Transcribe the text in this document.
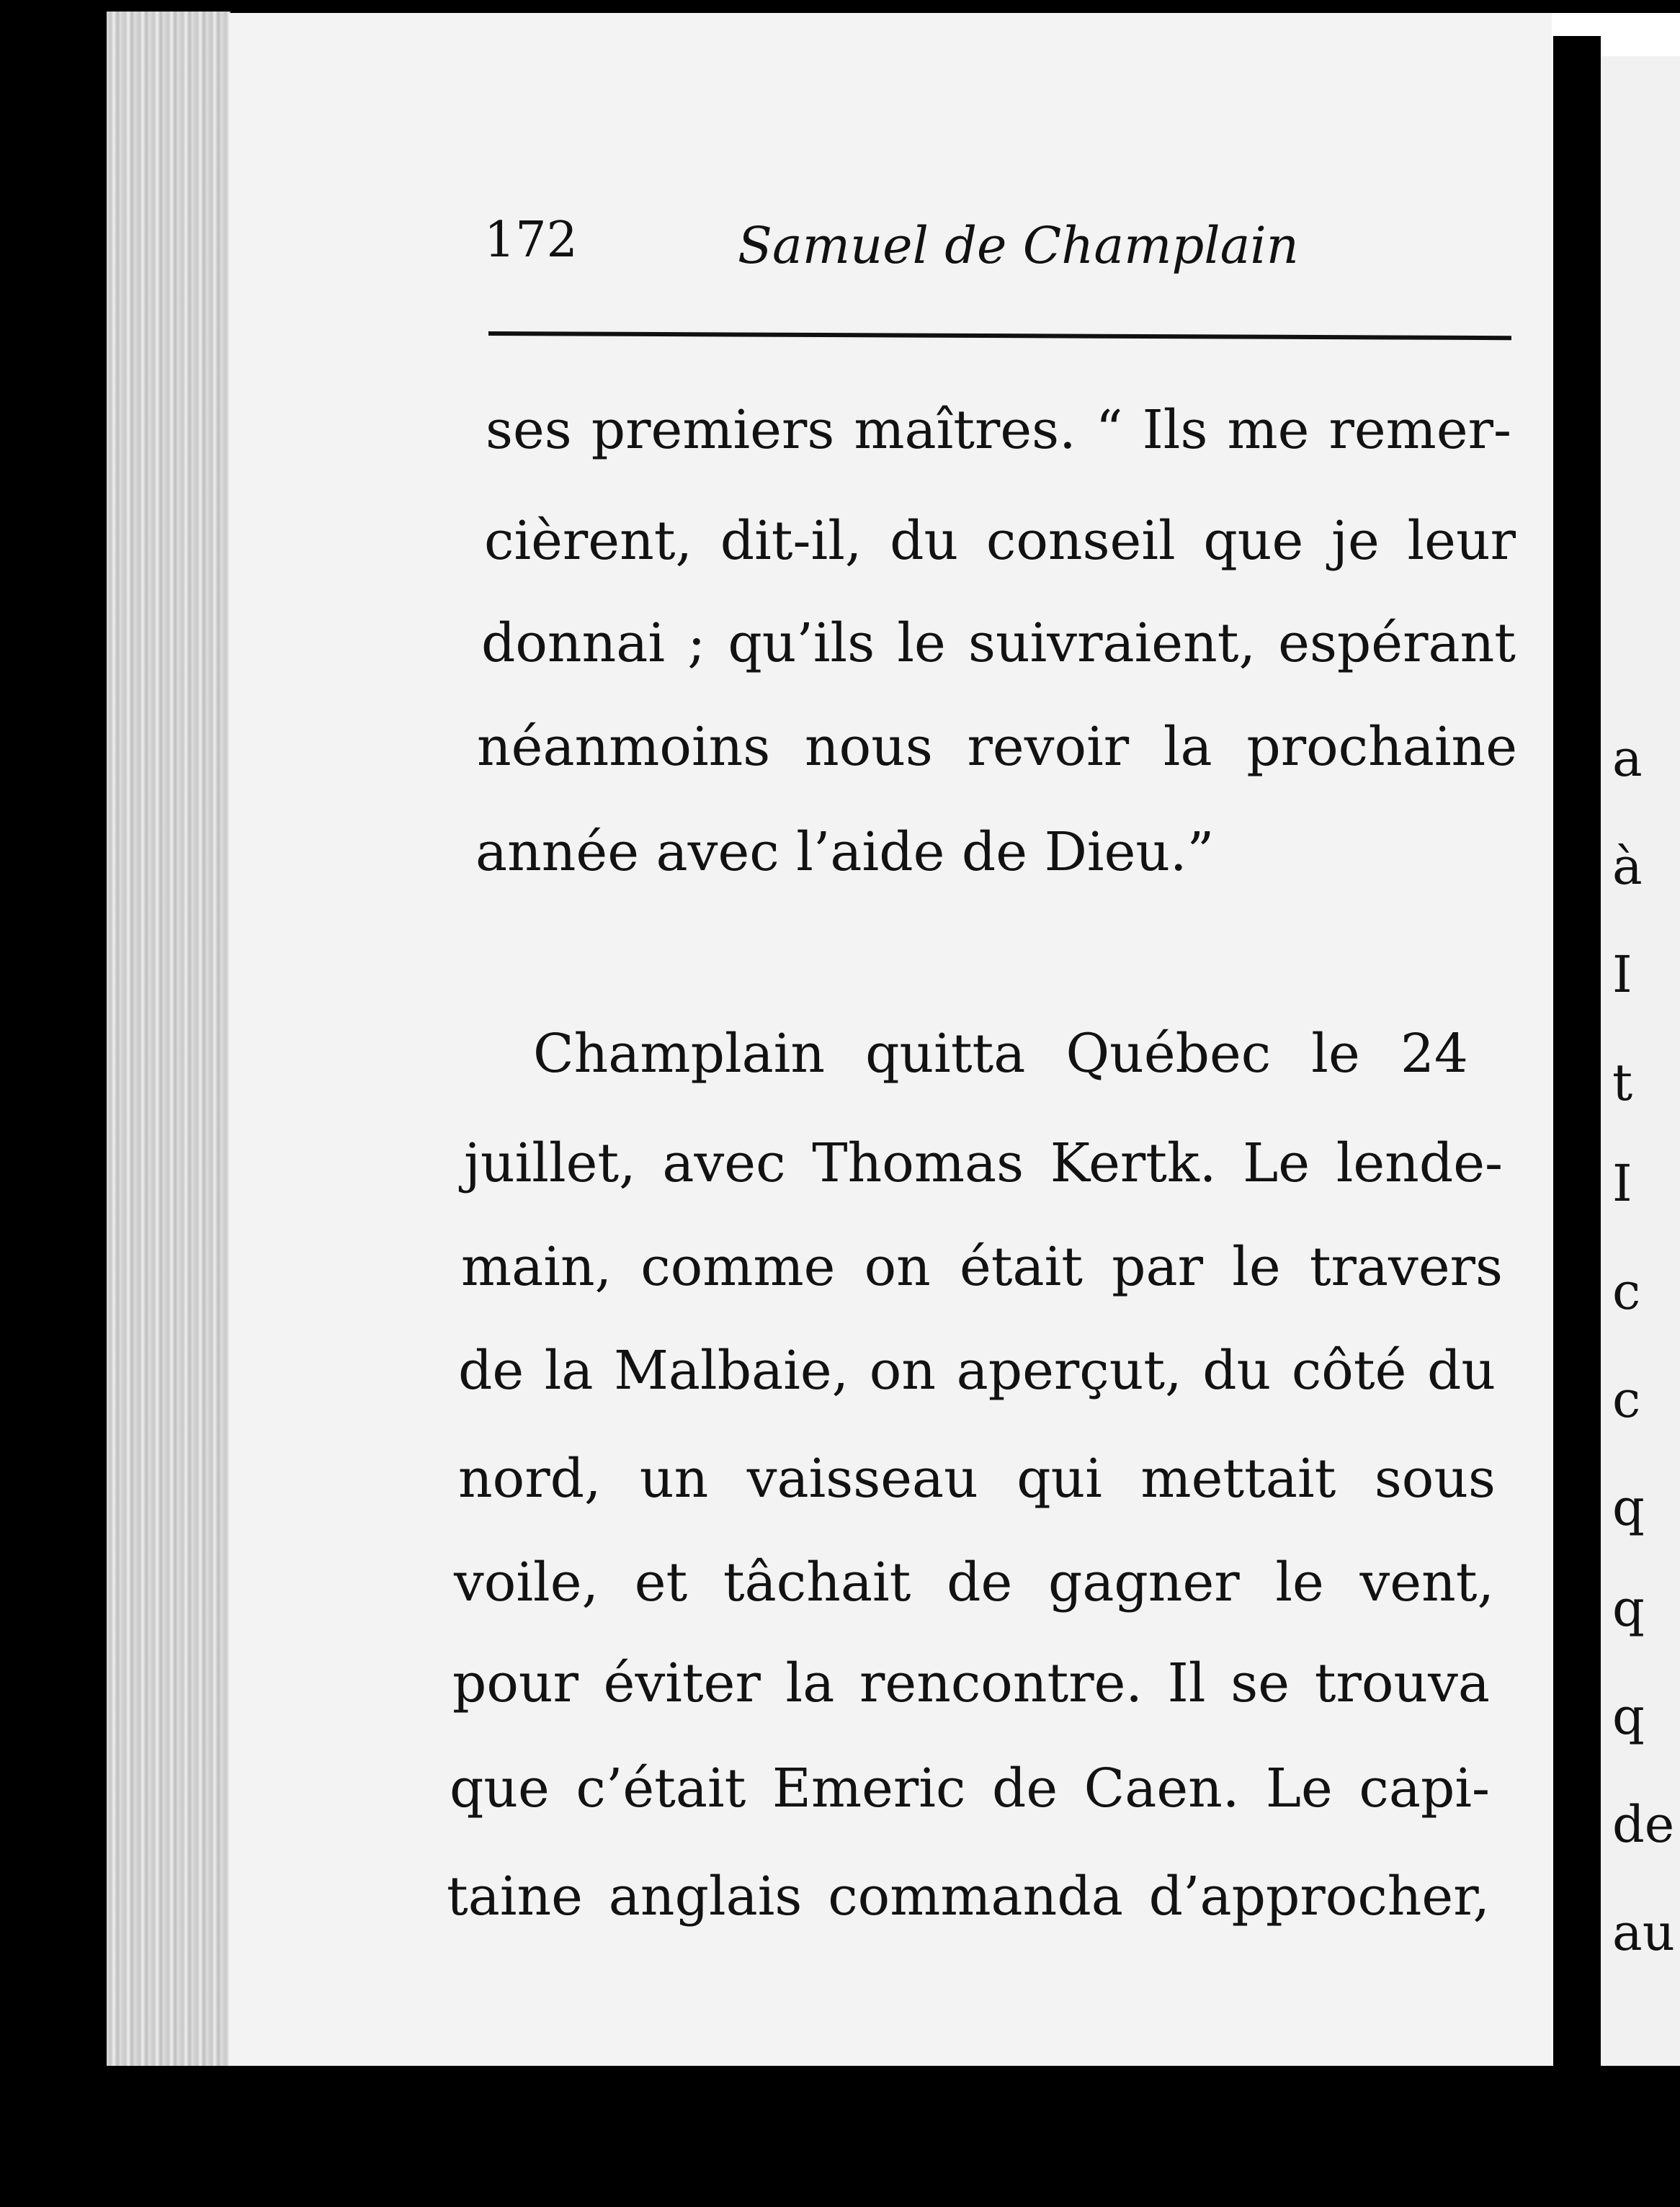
172	Samuel de Champlain
ses premiers maîtres. “ Ils me remer-
cièrent, dit-il, du conseil que je leur
donnai ; qu’ils le suivraient, espérant
néanmoins nous revoir la prochaine
année avec l’aide de Dieu.”
Champlain quitta Québec le 24
juillet, avec Thomas Kertk. Le lende-
main, comme on était par le travers
de la Malbaie, on aperçut, du côté du
nord, un vaisseau qui mettait sous
voile, et tâchait de gagner le vent,
pour éviter la rencontre. Il se trouva
que c’était Emeric de Caen. Le capi-
taine anglais commanda d’approcher,
a
à
I
t
I
c
c
q
q
q
de
au
